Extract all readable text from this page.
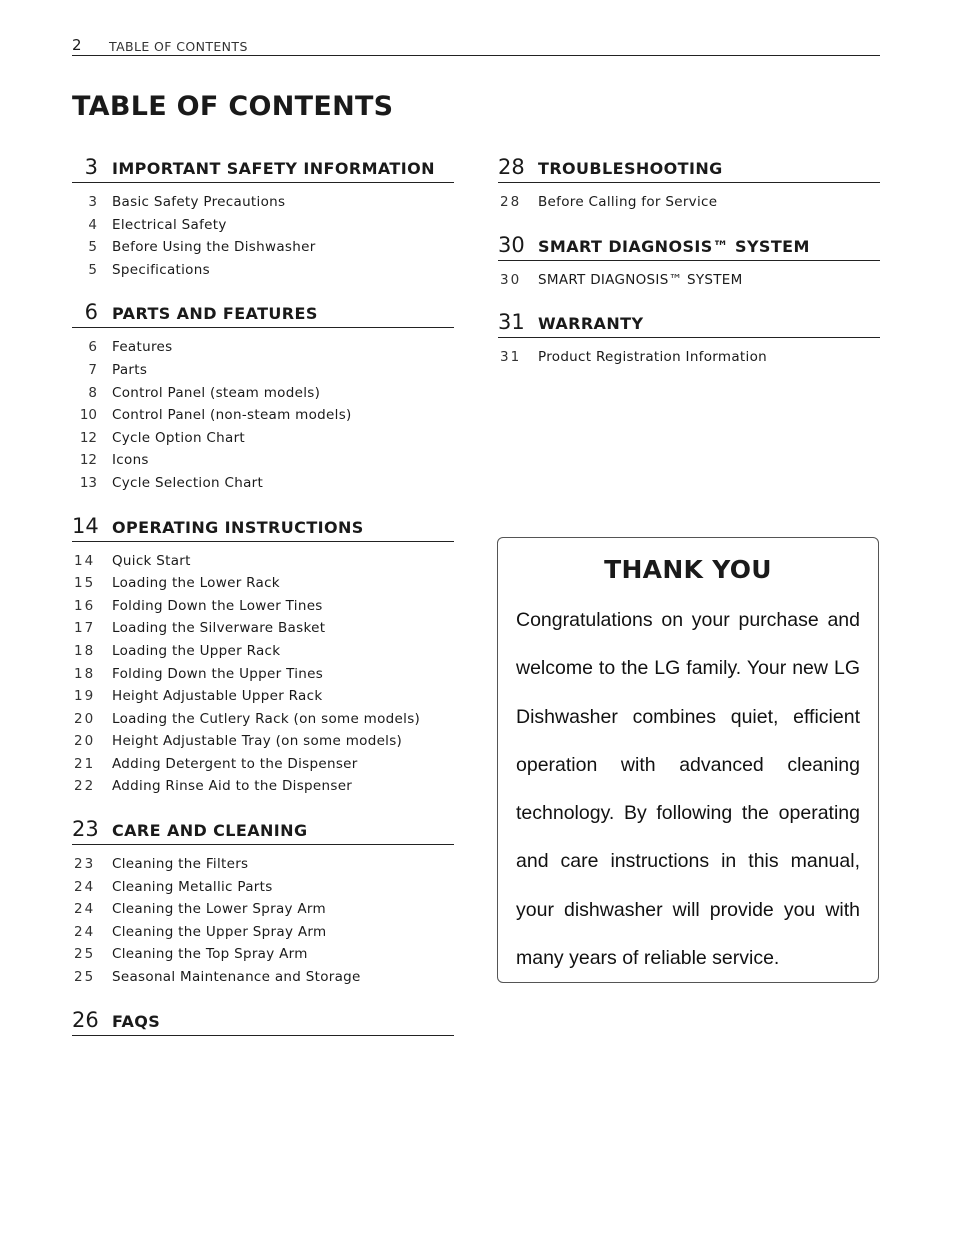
2 TABLE OF CONTENTS
TABLE OF CONTENTS
3 IMPORTANT SAFETY INFORMATION
3 Basic Safety Precautions
4 Electrical Safety
5 Before Using the Dishwasher
5 Specifications
6 PARTS AND FEATURES
6 Features
7 Parts
8 Control Panel (steam models)
10 Control Panel (non-steam models)
12 Cycle Option Chart
12 Icons
13 Cycle Selection Chart
14 OPERATING INSTRUCTIONS
14 Quick Start
15 Loading the Lower Rack
16 Folding Down the Lower Tines
17 Loading the Silverware Basket
18 Loading the Upper Rack
18 Folding Down the Upper Tines
19 Height Adjustable Upper Rack
20 Loading the Cutlery Rack (on some models)
20 Height Adjustable Tray (on some models)
21 Adding Detergent to the Dispenser
22 Adding Rinse Aid to the Dispenser
23 CARE AND CLEANING
23 Cleaning the Filters
24 Cleaning Metallic Parts
24 Cleaning the Lower Spray Arm
24 Cleaning the Upper Spray Arm
25 Cleaning the Top Spray Arm
25 Seasonal Maintenance and Storage
26 FAQS
28 TROUBLESHOOTING
28 Before Calling for Service
30 SMART DIAGNOSIS™ SYSTEM
30 SMART DIAGNOSIS™ SYSTEM
31 WARRANTY
31 Product Registration Information
THANK YOU
Congratulations on your purchase and welcome to the LG family. Your new LG Dishwasher combines quiet, efficient operation with advanced cleaning technology. By following the operating and care instructions in this manual, your dishwasher will provide you with many years of reliable service.
